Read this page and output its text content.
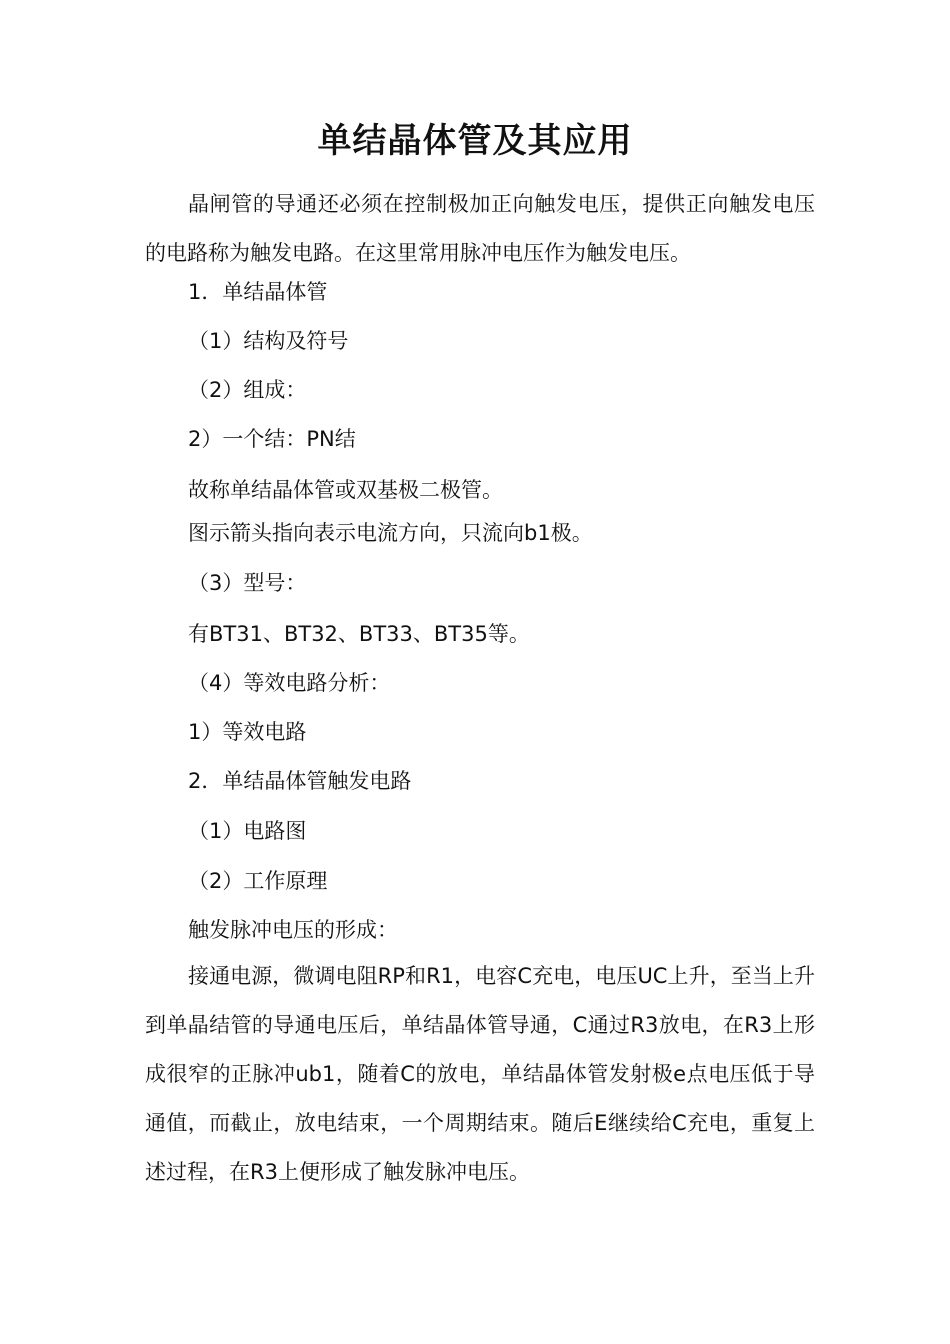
单结晶体管及其应用
晶闸管的导通还必须在控制极加正向触发电压，提供正向触发电压的电路称为触发电路。在这里常用脉冲电压作为触发电压。
1．单结晶体管
（1）结构及符号
（2）组成：
2）一个结：PN结
故称单结晶体管或双基极二极管。
图示箭头指向表示电流方向，只流向b1极。
（3）型号：
有BT31、BT32、BT33、BT35等。
（4）等效电路分析：
1）等效电路
2．单结晶体管触发电路
（1）电路图
（2）工作原理
触发脉冲电压的形成：
接通电源，微调电阻RP和R1，电容C充电，电压UC上升，至当上升到单晶结管的导通电压后，单结晶体管导通，C通过R3放电，在R3上形成很窄的正脉冲ub1，随着C的放电，单结晶体管发射极e点电压低于导通值，而截止，放电结束，一个周期结束。随后E继续给C充电，重复上述过程，在R3上便形成了触发脉冲电压。
